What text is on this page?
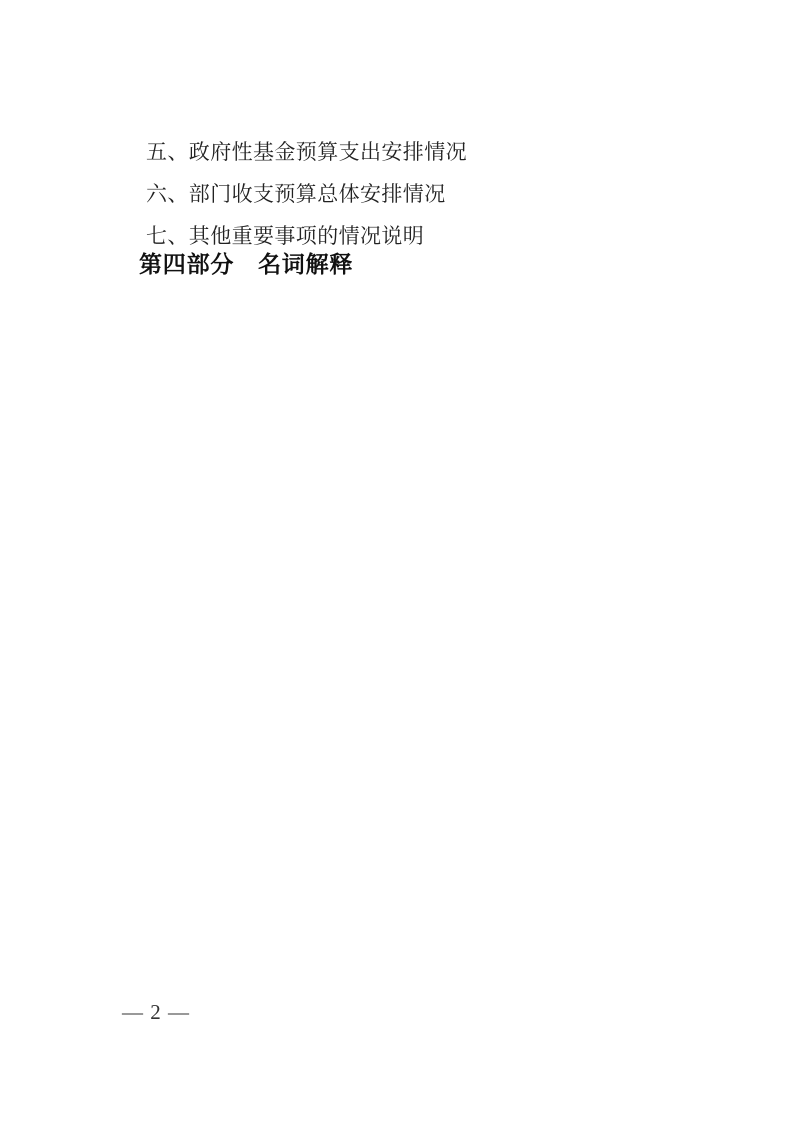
五、政府性基金预算支出安排情况

六、部门收支预算总体安排情况

七、其他重要事项的情况说明

第四部分　名词解释
— 2 —
